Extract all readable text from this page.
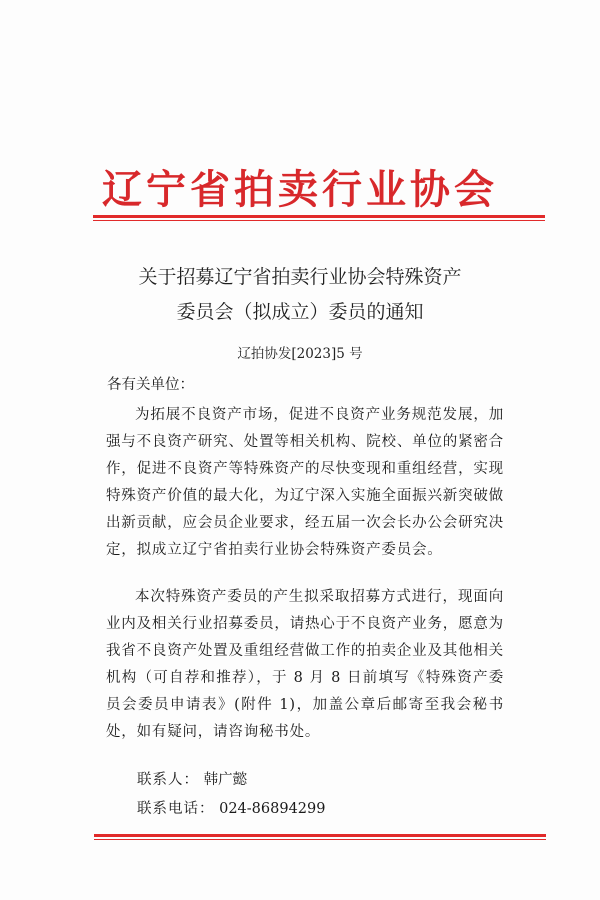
辽宁省拍卖行业协会
关于招募辽宁省拍卖行业协会特殊资产
委员会（拟成立）委员的通知
辽拍协发[2023]5 号
各有关单位：

为拓展不良资产市场，促进不良资产业务规范发展，加强与不良资产研究、处置等相关机构、院校、单位的紧密合作，促进不良资产等特殊资产的尽快变现和重组经营，实现特殊资产价值的最大化，为辽宁深入实施全面振兴新突破做出新贡献，应会员企业要求，经五届一次会长办公会研究决定，拟成立辽宁省拍卖行业协会特殊资产委员会。

本次特殊资产委员的产生拟采取招募方式进行，现面向业内及相关行业招募委员，请热心于不良资产业务，愿意为我省不良资产处置及重组经营做工作的拍卖企业及其他相关机构（可自荐和推荐），于 8 月 8 日前填写《特殊资产委员会委员申请表》(附件 1)，加盖公章后邮寄至我会秘书处，如有疑问，请咨询秘书处。

联系人： 韩广懿
联系电话： 024-86894299
